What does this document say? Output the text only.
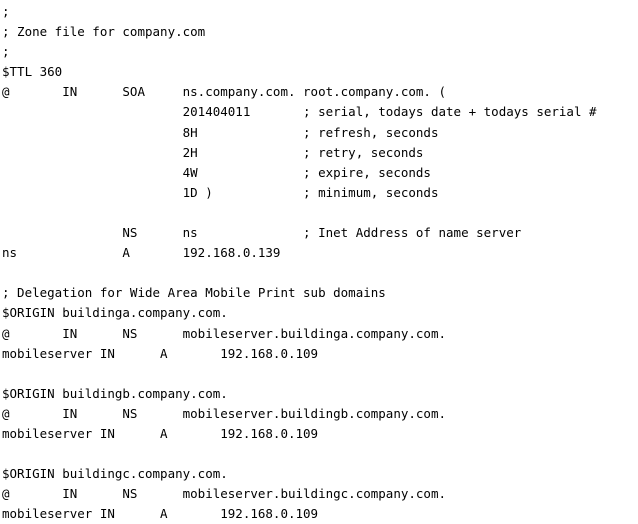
;
; Zone file for company.com
;
$TTL 360
@       IN      SOA     ns.company.com. root.company.com. (
201404011       ; serial, todays date + todays serial #
8H              ; refresh, seconds
2H              ; retry, seconds
4W              ; expire, seconds
1D )            ; minimum, seconds
NS      ns              ; Inet Address of name server
ns              A       192.168.0.139
; Delegation for Wide Area Mobile Print sub domains
$ORIGIN buildinga.company.com.
@       IN      NS      mobileserver.buildinga.company.com.
mobileserver IN      A       192.168.0.109
$ORIGIN buildingb.company.com.
@       IN      NS      mobileserver.buildingb.company.com.
mobileserver IN      A       192.168.0.109
$ORIGIN buildingc.company.com.
@       IN      NS      mobileserver.buildingc.company.com.
mobileserver IN      A       192.168.0.109
